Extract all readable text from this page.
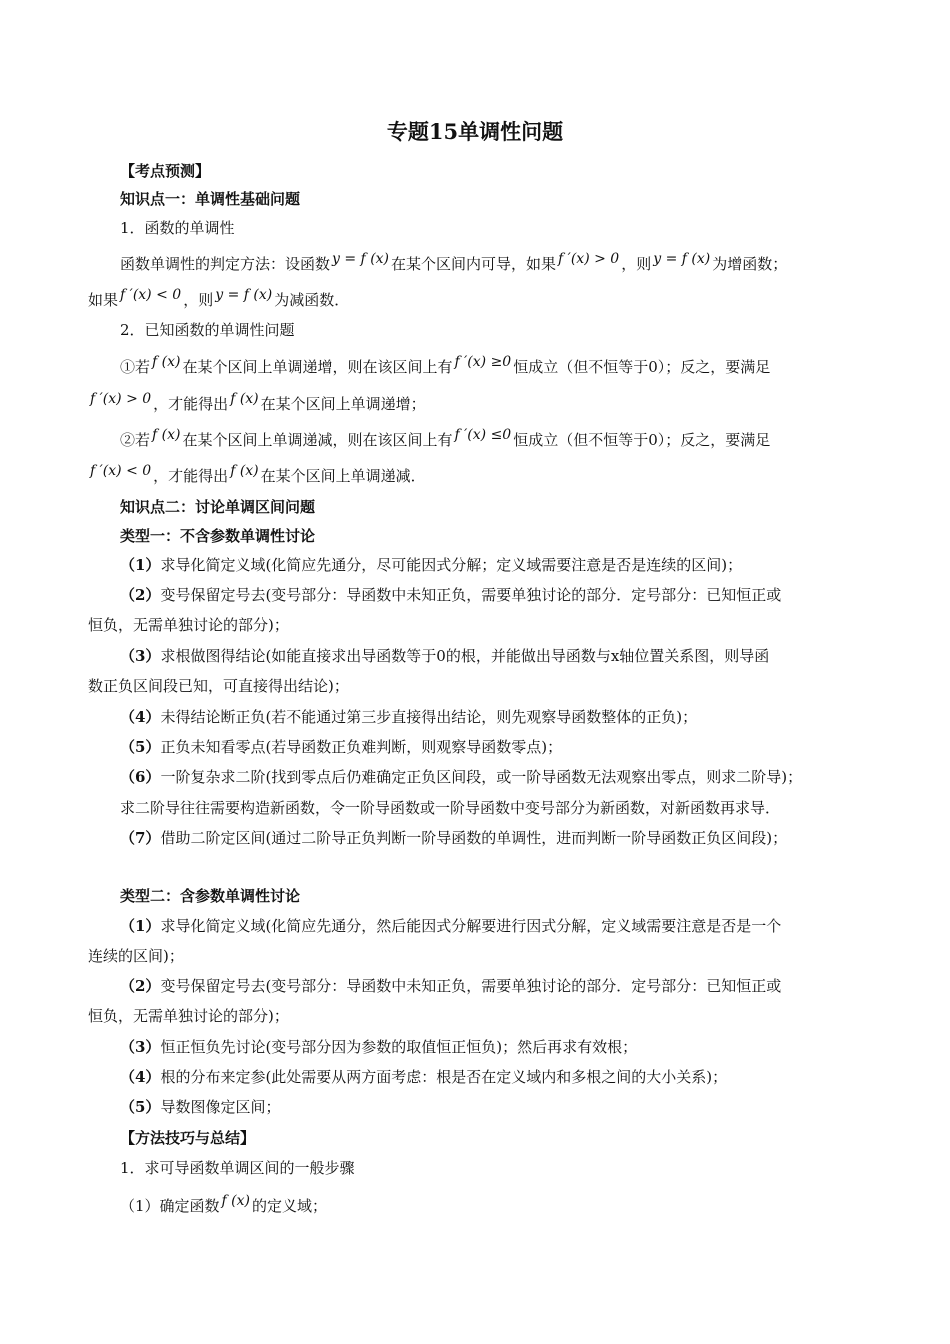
专题15单调性问题
【考点预测】
知识点一：单调性基础问题
1．函数的单调性
函数单调性的判定方法：设函数 y = f (x) 在某个区间内可导，如果 f ′(x) > 0 ，则 y = f (x) 为增函数；
如果 f ′(x) < 0 ，则 y = f (x) 为减函数．
2．已知函数的单调性问题
①若 f (x) 在某个区间上单调递增，则在该区间上有 f ′(x) ≥0 恒成立（但不恒等于0）；反之，要满足
f ′(x) > 0 ，才能得出 f (x) 在某个区间上单调递增；
②若 f (x) 在某个区间上单调递减，则在该区间上有 f ′(x) ≤0 恒成立（但不恒等于0）；反之，要满足
f ′(x) < 0 ，才能得出 f (x) 在某个区间上单调递减．
知识点二：讨论单调区间问题
类型一：不含参数单调性讨论
（1）求导化简定义域(化简应先通分，尽可能因式分解；定义域需要注意是否是连续的区间)；
（2）变号保留定号去(变号部分：导函数中未知正负，需要单独讨论的部分．定号部分：已知恒正或
恒负，无需单独讨论的部分)；
（3）求根做图得结论(如能直接求出导函数等于0的根，并能做出导函数与x轴位置关系图，则导函
数正负区间段已知，可直接得出结论)；
（4）未得结论断正负(若不能通过第三步直接得出结论，则先观察导函数整体的正负)；
（5）正负未知看零点(若导函数正负难判断，则观察导函数零点)；
（6）一阶复杂求二阶(找到零点后仍难确定正负区间段，或一阶导函数无法观察出零点，则求二阶导)；
求二阶导往往需要构造新函数，令一阶导函数或一阶导函数中变号部分为新函数，对新函数再求导．
（7）借助二阶定区间(通过二阶导正负判断一阶导函数的单调性，进而判断一阶导函数正负区间段)；
类型二：含参数单调性讨论
（1）求导化简定义域(化简应先通分，然后能因式分解要进行因式分解，定义域需要注意是否是一个
连续的区间)；
（2）变号保留定号去(变号部分：导函数中未知正负，需要单独讨论的部分．定号部分：已知恒正或
恒负，无需单独讨论的部分)；
（3）恒正恒负先讨论(变号部分因为参数的取值恒正恒负)；然后再求有效根；
（4）根的分布来定参(此处需要从两方面考虑：根是否在定义域内和多根之间的大小关系)；
（5）导数图像定区间；
【方法技巧与总结】
1．求可导函数单调区间的一般步骤
（1）确定函数 f (x) 的定义域；
